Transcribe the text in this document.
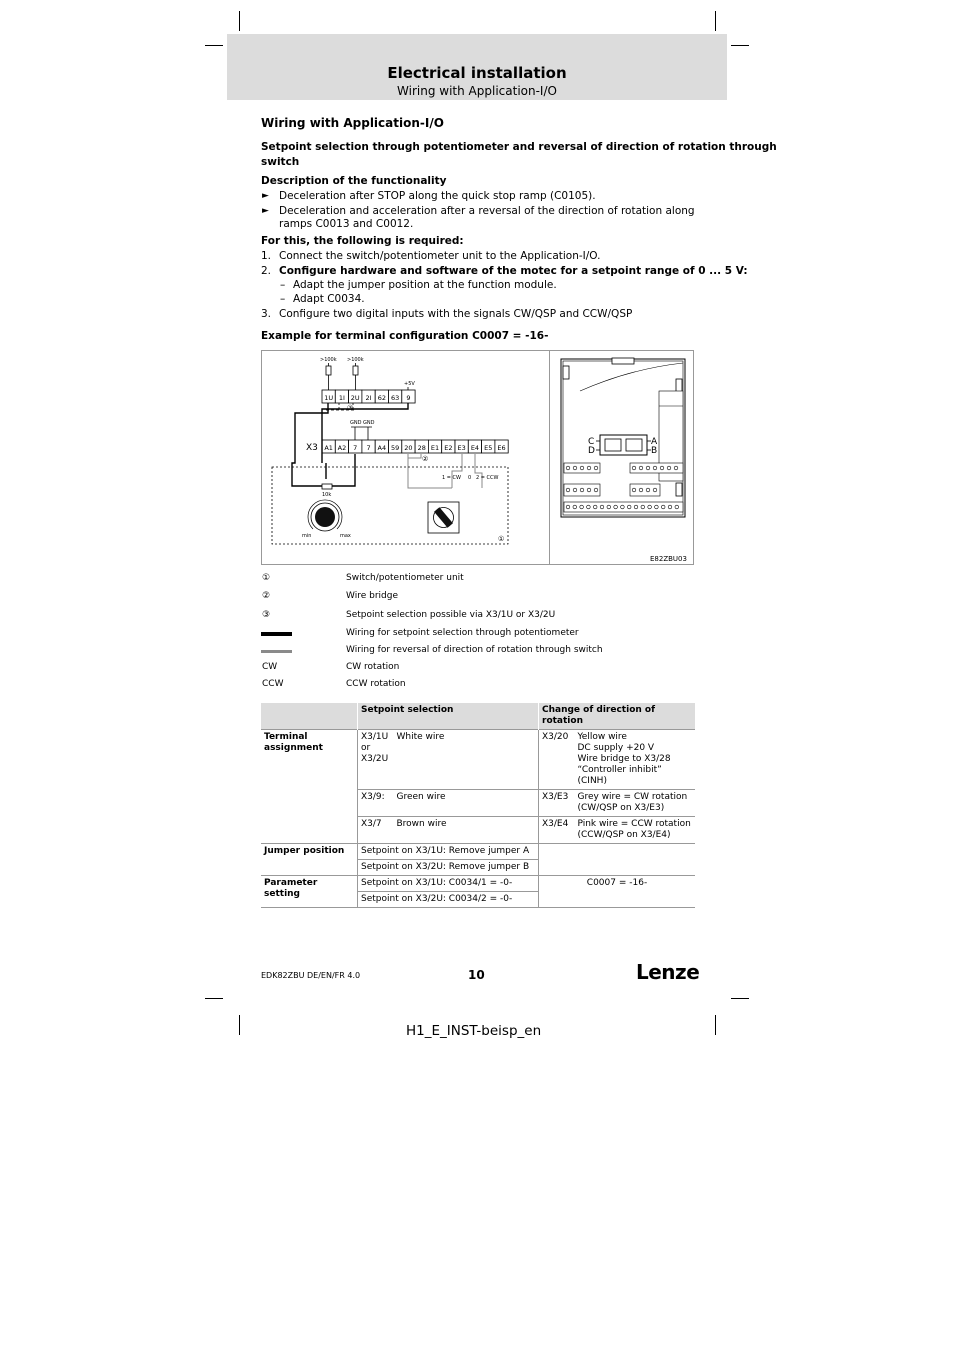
Electrical installation
Wiring with Application-I/O
Wiring with Application-I/O
Setpoint selection through potentiometer and reversal of direction of rotation through
switch
Description of the functionality
► Deceleration after STOP along the quick stop ramp (C0105).
► Deceleration and acceleration after a reversal of the direction of rotation along
ramps C0013 and C0012.
For this, the following is required:
1. Connect the switch/potentiometer unit to the Application-I/O.
2. Configure hardware and software of the motec for a setpoint range of 0 ... 5 V:
– Adapt the jumper position at the function module.
– Adapt C0034.
3. Configure two digital inputs with the signals CW/QSP and CCW/QSP
Example for terminal configuration C0007 = -16-
>100k >100k
+5V
1U 1I 2U 2I 62 63 9
③
GND GND
X3 A1 A2 7 7 A4 59 20 28 E1 E2 E3 E4 E5 E6
②
①
10k
min	max
1 = CW	2 = CCW
0
C
D
A
B
E82ZBU03
①	Switch/potentiometer unit
②	Wire bridge
③	Setpoint selection possible via X3/1U or X3/2U
Wiring for setpoint selection through potentiometer
Wiring for reversal of direction of rotation through switch
CW	CW rotation
CCW	CCW rotation
	Setpoint selection		Change of direction of rotation	
Terminal assignment	X3/1U
or
X3/2U	White wire	X3/20	Yellow wire
DC supply +20 V
Wire bridge to X3/28
“Controller inhibit” (CINH)
	X3/9:	Green wire	X3/E3	Grey wire = CW rotation
(CW/QSP on X3/E3)
	X3/7	Brown wire	X3/E4	Pink wire = CCW rotation
(CCW/QSP on X3/E4)
Jumper position	Setpoint on X3/1U: Remove jumper A			
	Setpoint on X3/2U: Remove jumper B			
Parameter setting	Setpoint on X3/1U: C0034/1 = -0-		C0007 = -16-	
	Setpoint on X3/2U: C0034/2 = -0-			
EDK82ZBU DE/EN/FR 4.0	10	Lenze
H1_E_INST-beisp_en
